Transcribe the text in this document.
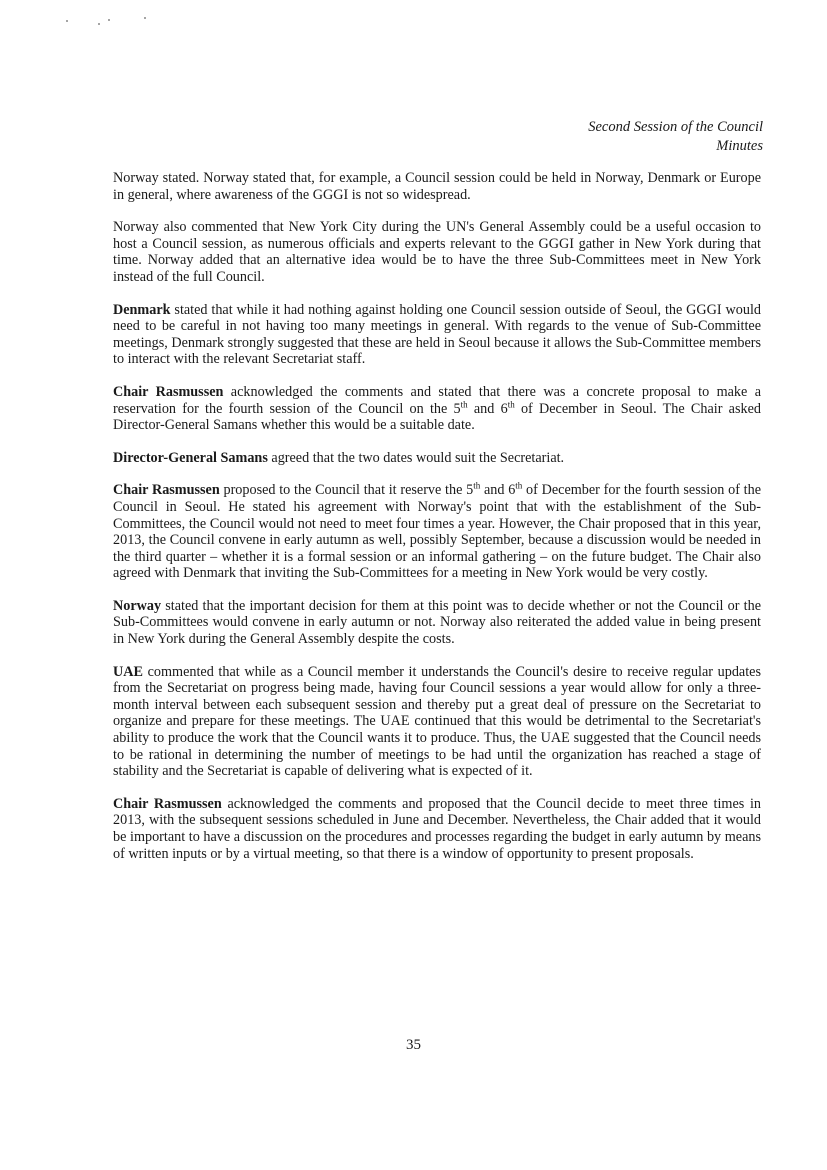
Second Session of the Council
Minutes

Norway stated. Norway stated that, for example, a Council session could be held in Norway, Denmark or Europe in general, where awareness of the GGGI is not so widespread.

Norway also commented that New York City during the UN's General Assembly could be a useful occasion to host a Council session, as numerous officials and experts relevant to the GGGI gather in New York during that time. Norway added that an alternative idea would be to have the three Sub-Committees meet in New York instead of the full Council.

Denmark stated that while it had nothing against holding one Council session outside of Seoul, the GGGI would need to be careful in not having too many meetings in general. With regards to the venue of Sub-Committee meetings, Denmark strongly suggested that these are held in Seoul because it allows the Sub-Committee members to interact with the relevant Secretariat staff.

Chair Rasmussen acknowledged the comments and stated that there was a concrete proposal to make a reservation for the fourth session of the Council on the 5th and 6th of December in Seoul. The Chair asked Director-General Samans whether this would be a suitable date.

Director-General Samans agreed that the two dates would suit the Secretariat.

Chair Rasmussen proposed to the Council that it reserve the 5th and 6th of December for the fourth session of the Council in Seoul. He stated his agreement with Norway's point that with the establishment of the Sub-Committees, the Council would not need to meet four times a year. However, the Chair proposed that in this year, 2013, the Council convene in early autumn as well, possibly September, because a discussion would be needed in the third quarter – whether it is a formal session or an informal gathering – on the future budget. The Chair also agreed with Denmark that inviting the Sub-Committees for a meeting in New York would be very costly.

Norway stated that the important decision for them at this point was to decide whether or not the Council or the Sub-Committees would convene in early autumn or not. Norway also reiterated the added value in being present in New York during the General Assembly despite the costs.

UAE commented that while as a Council member it understands the Council's desire to receive regular updates from the Secretariat on progress being made, having four Council sessions a year would allow for only a three-month interval between each subsequent session and thereby put a great deal of pressure on the Secretariat to organize and prepare for these meetings. The UAE continued that this would be detrimental to the Secretariat's ability to produce the work that the Council wants it to produce. Thus, the UAE suggested that the Council needs to be rational in determining the number of meetings to be had until the organization has reached a stage of stability and the Secretariat is capable of delivering what is expected of it.

Chair Rasmussen acknowledged the comments and proposed that the Council decide to meet three times in 2013, with the subsequent sessions scheduled in June and December. Nevertheless, the Chair added that it would be important to have a discussion on the procedures and processes regarding the budget in early autumn by means of written inputs or by a virtual meeting, so that there is a window of opportunity to present proposals.

35
